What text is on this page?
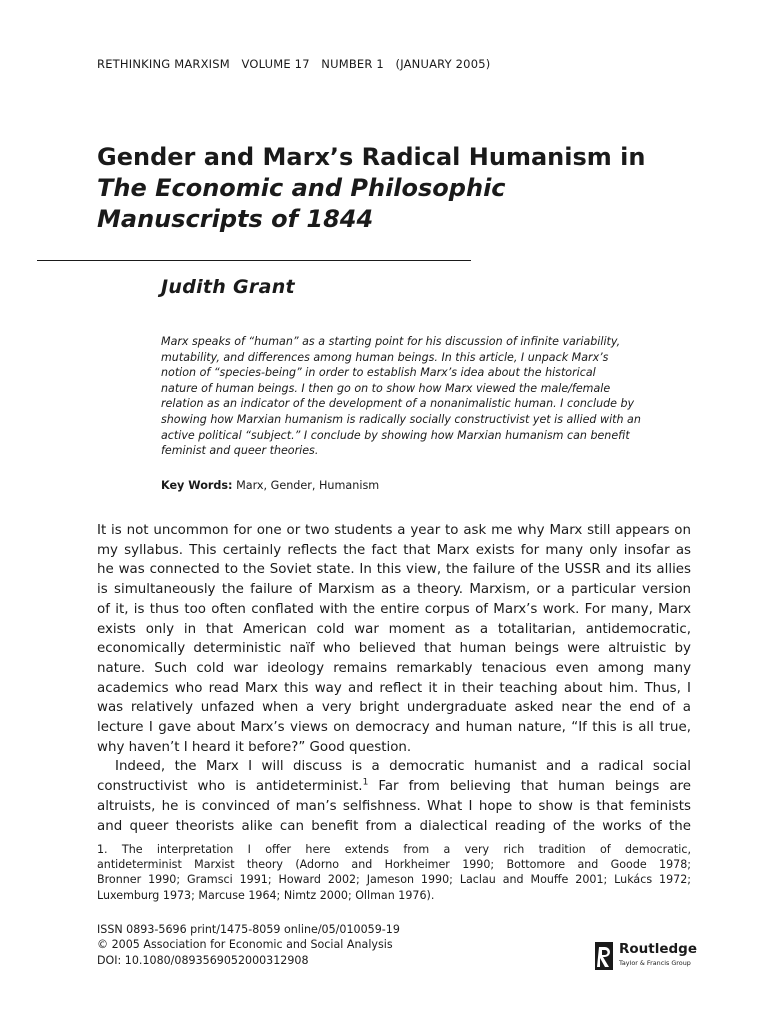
RETHINKING MARXISM   VOLUME 17   NUMBER 1   (JANUARY 2005)
Gender and Marx’s Radical Humanism in
The Economic and Philosophic
Manuscripts of 1844
Judith Grant
Marx speaks of “human” as a starting point for his discussion of infinite variability,
mutability, and differences among human beings. In this article, I unpack Marx’s
notion of “species-being” in order to establish Marx’s idea about the historical
nature of human beings. I then go on to show how Marx viewed the male/female
relation as an indicator of the development of a nonanimalistic human. I conclude by
showing how Marxian humanism is radically socially constructivist yet is allied with an
active political “subject.” I conclude by showing how Marxian humanism can benefit
feminist and queer theories.
Key Words: Marx, Gender, Humanism
It is not uncommon for one or two students a year to ask me why Marx still appears on
my syllabus. This certainly reflects the fact that Marx exists for many only insofar as
he was connected to the Soviet state. In this view, the failure of the USSR and its allies
is simultaneously the failure of Marxism as a theory. Marxism, or a particular version
of it, is thus too often conflated with the entire corpus of Marx’s work. For many, Marx
exists only in that American cold war moment as a totalitarian, antidemocratic,
economically deterministic naïf who believed that human beings were altruistic by
nature. Such cold war ideology remains remarkably tenacious even among many
academics who read Marx this way and reflect it in their teaching about him. Thus, I
was relatively unfazed when a very bright undergraduate asked near the end of a
lecture I gave about Marx’s views on democracy and human nature, “If this is all true,
why haven’t I heard it before?” Good question.
Indeed, the Marx I will discuss is a democratic humanist and a radical social
constructivist who is antideterminist.$^1$ Far from believing that human beings are
altruists, he is convinced of man’s selfishness. What I hope to show is that feminists
and queer theorists alike can benefit from a dialectical reading of the works of the
1. The interpretation I offer here extends from a very rich tradition of democratic,
antideterminist Marxist theory (Adorno and Horkheimer 1990; Bottomore and Goode 1978;
Bronner 1990; Gramsci 1991; Howard 2002; Jameson 1990; Laclau and Mouffe 2001; Lukács 1972;
Luxemburg 1973; Marcuse 1964; Nimtz 2000; Ollman 1976).
ISSN 0893-5696 print/1475-8059 online/05/010059-19
© 2005 Association for Economic and Social Analysis
DOI: 10.1080/0893569052000312908
Routledge
Taylor & Francis Group
